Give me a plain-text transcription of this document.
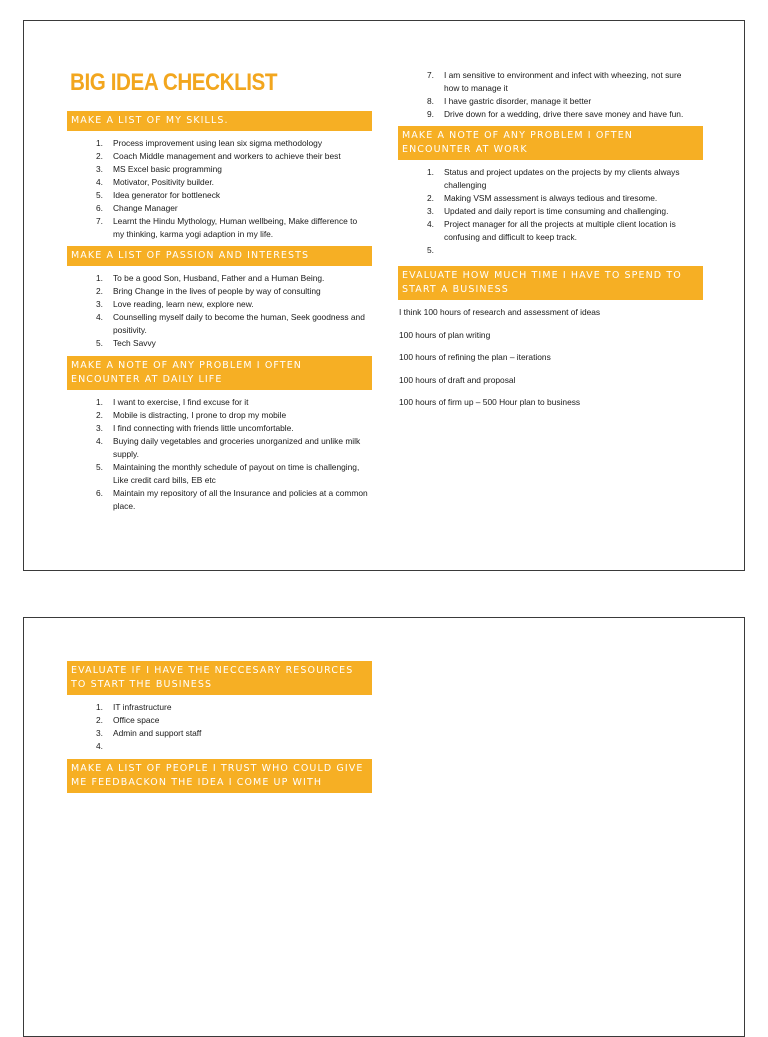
BIG IDEA CHECKLIST
MAKE A LIST OF MY SKILLS.
1.	Process improvement using lean six sigma methodology
2.	Coach Middle management and workers to achieve their best
3.	MS Excel basic programming
4.	Motivator, Positivity builder.
5.	Idea generator for bottleneck
6.	Change Manager
7.	Learnt the Hindu Mythology, Human wellbeing, Make difference to my thinking, karma yogi adaption in my life.
MAKE A LIST OF PASSION AND INTERESTS
1.	To be a good Son, Husband, Father and a Human Being.
2.	Bring Change in the lives of people by way of consulting
3.	Love reading, learn new, explore new.
4.	Counselling myself daily to become the human, Seek goodness and positivity.
5.	Tech Savvy
MAKE A NOTE OF ANY PROBLEM I OFTEN ENCOUNTER AT DAILY LIFE
1.	I want to exercise, I find excuse for it
2.	Mobile is distracting, I prone to drop my mobile
3.	I find connecting with friends little uncomfortable.
4.	Buying daily vegetables and groceries unorganized and unlike milk supply.
5.	Maintaining the monthly schedule of payout on time is challenging, Like credit card bills, EB etc
6.	Maintain my repository of all the Insurance and policies at a common place.
7.	I am sensitive to environment and infect with wheezing, not sure how to manage it
8.	I have gastric disorder, manage it better
9.	Drive down for a wedding, drive there save money and have fun.
MAKE A NOTE OF ANY PROBLEM I OFTEN ENCOUNTER AT WORK
1.	Status and project updates on the projects by my clients always challenging
2.	Making VSM assessment is always tedious and tiresome.
3.	Updated and daily report is time consuming and challenging.
4.	Project manager for all the projects at multiple client location is confusing and difficult to keep track.
5.
EVALUATE HOW MUCH TIME I HAVE TO SPEND TO START A BUSINESS

I think 100 hours of research and assessment of ideas

100 hours of plan writing

100 hours of refining the plan – iterations

100 hours of draft and proposal

100 hours of firm up – 500 Hour plan to business

EVALUATE IF I HAVE THE NECCESARY RESOURCES TO START THE BUSINESS
1.	IT infrastructure
2.	Office space
3.	Admin and support staff
4.
MAKE A LIST OF PEOPLE I TRUST WHO COULD GIVE ME FEEDBACKON THE IDEA I COME UP WITH
